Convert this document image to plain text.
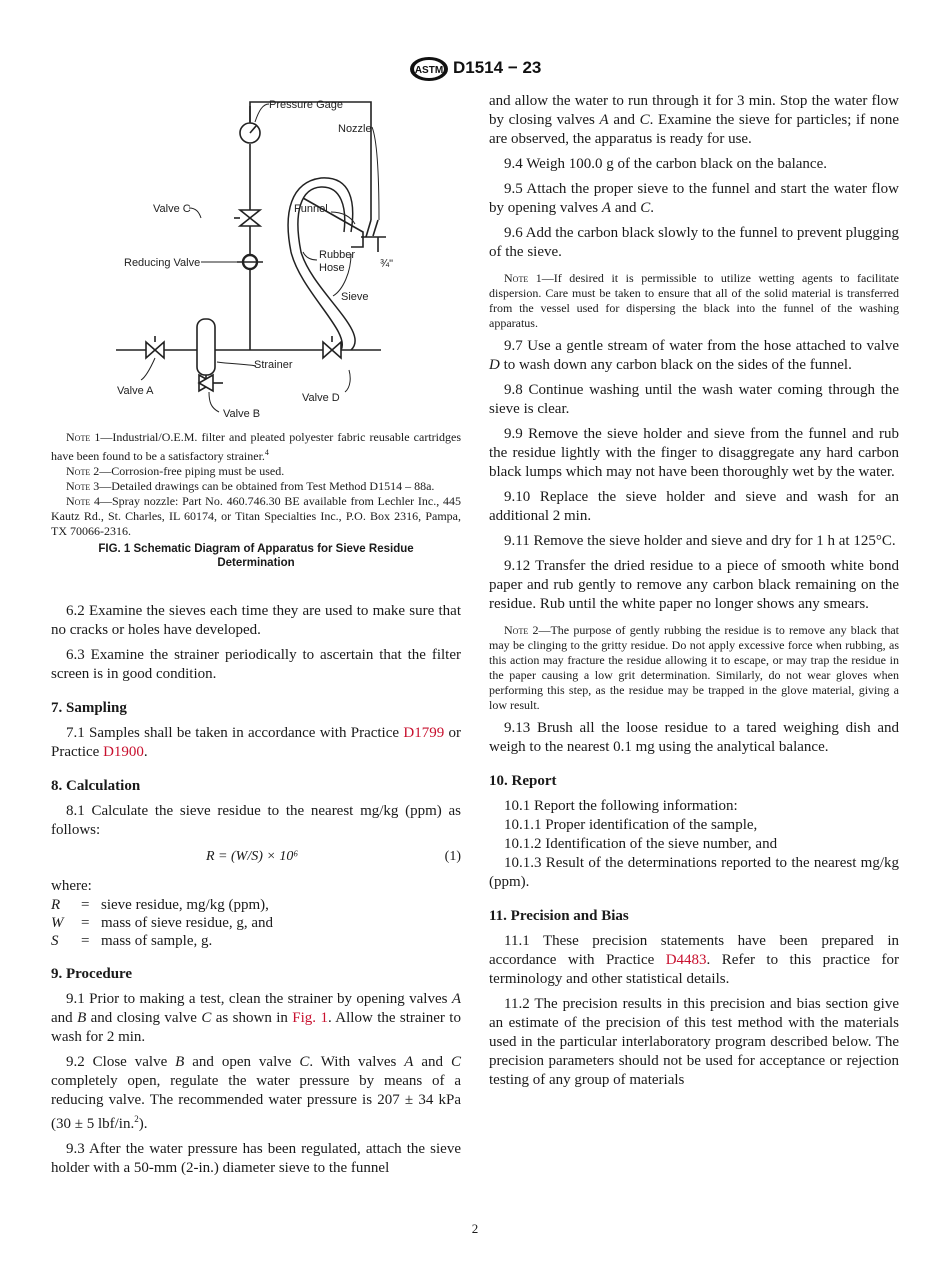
ASTM D1514 − 23
Pressure Gage
Nozzle
Valve C	Funnel
Reducing Valve
Rubber
Hose	¾"
Sieve
Strainer
Valve A
Valve B
Valve D

Note 1—Industrial/O.E.M. filter and pleated polyester fabric reusable cartridges have been found to be a satisfactory strainer.$^4$

Note 2—Corrosion-free piping must be used.

Note 3—Detailed drawings can be obtained from Test Method D1514 – 88a.

Note 4—Spray nozzle: Part No. 460.746.30 BE available from Lechler Inc., 445 Kautz Rd., St. Charles, IL 60174, or Titan Specialties Inc., P.O. Box 2316, Pampa, TX 70066-2316.

FIG. 1 Schematic Diagram of Apparatus for Sieve Residue Determination

6.2 Examine the sieves each time they are used to make sure that no cracks or holes have developed.

6.3 Examine the strainer periodically to ascertain that the filter screen is in good condition.

7. Sampling

7.1 Samples shall be taken in accordance with Practice D1799 or Practice D1900.

8. Calculation

8.1 Calculate the sieve residue to the nearest mg/kg (ppm) as follows:

R = (W/S) × 10⁶	(1)

where:

R	= sieve residue, mg/kg (ppm),
W	= mass of sieve residue, g, and
S	= mass of sample, g.

9. Procedure

9.1 Prior to making a test, clean the strainer by opening valves A and B and closing valve C as shown in Fig. 1. Allow the strainer to wash for 2 min.

9.2 Close valve B and open valve C. With valves A and C completely open, regulate the water pressure by means of a reducing valve. The recommended water pressure is 207 ± 34 kPa (30 ± 5 lbf/in.$^2$).

9.3 After the water pressure has been regulated, attach the sieve holder with a 50-mm (2-in.) diameter sieve to the funnel

and allow the water to run through it for 3 min. Stop the water flow by closing valves A and C. Examine the sieve for particles; if none are observed, the apparatus is ready for use.

9.4 Weigh 100.0 g of the carbon black on the balance.

9.5 Attach the proper sieve to the funnel and start the water flow by opening valves A and C.

9.6 Add the carbon black slowly to the funnel to prevent plugging of the sieve.

Note 1—If desired it is permissible to utilize wetting agents to facilitate dispersion. Care must be taken to ensure that all of the solid material is transferred from the vessel used for dispersing the black into the funnel of the washing apparatus.

9.7 Use a gentle stream of water from the hose attached to valve D to wash down any carbon black on the sides of the funnel.

9.8 Continue washing until the wash water coming through the sieve is clear.

9.9 Remove the sieve holder and sieve from the funnel and rub the residue lightly with the finger to disaggregate any hard carbon black lumps which may not have been thoroughly wet by the water.

9.10 Replace the sieve holder and sieve and wash for an additional 2 min.

9.11 Remove the sieve holder and sieve and dry for 1 h at 125°C.

9.12 Transfer the dried residue to a piece of smooth white bond paper and rub gently to remove any carbon black remaining on the residue. Rub until the white paper no longer shows any smears.

Note 2—The purpose of gently rubbing the residue is to remove any black that may be clinging to the gritty residue. Do not apply excessive force when rubbing, as this action may fracture the residue allowing it to escape, or may trap the residue in the paper causing a low grit determination. Similarly, do not wear gloves when performing this step, as the residue may be trapped in the glove material, giving a low result.

9.13 Brush all the loose residue to a tared weighing dish and weigh to the nearest 0.1 mg using the analytical balance.

10. Report

10.1 Report the following information:

10.1.1 Proper identification of the sample,

10.1.2 Identification of the sieve number, and

10.1.3 Result of the determinations reported to the nearest mg/kg (ppm).

11. Precision and Bias

11.1 These precision statements have been prepared in accordance with Practice D4483. Refer to this practice for terminology and other statistical details.

11.2 The precision results in this precision and bias section give an estimate of the precision of this test method with the materials used in the particular interlaboratory program described below. The precision parameters should not be used for acceptance or rejection testing of any group of materials

2
